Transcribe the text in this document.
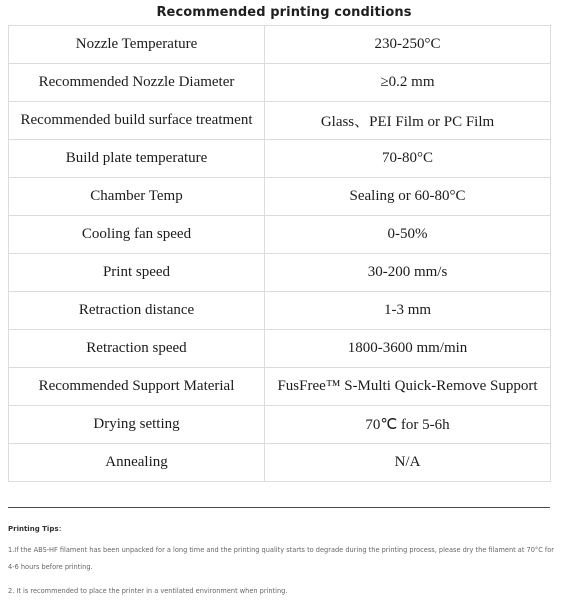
Recommended printing conditions
Nozzle Temperature	230-250°C
Recommended Nozzle Diameter	≥0.2 mm
Recommended build surface treatment	Glass、PEI Film or PC Film
Build plate temperature	70-80°C
Chamber Temp	Sealing or 60-80°C
Cooling fan speed	0-50%
Print speed	30-200 mm/s
Retraction distance	1-3 mm
Retraction speed	1800-3600 mm/min
Recommended Support Material	FusFree™ S-Multi Quick-Remove Support
Drying setting	70℃ for 5-6h
Annealing	N/A
Printing Tips：
1.If the ABS-HF filament has been unpacked for a long time and the printing quality starts to degrade during the printing process, please dry the filament at 70°C for 4-6 hours before printing.
2. It is recommended to place the printer in a ventilated environment when printing.
